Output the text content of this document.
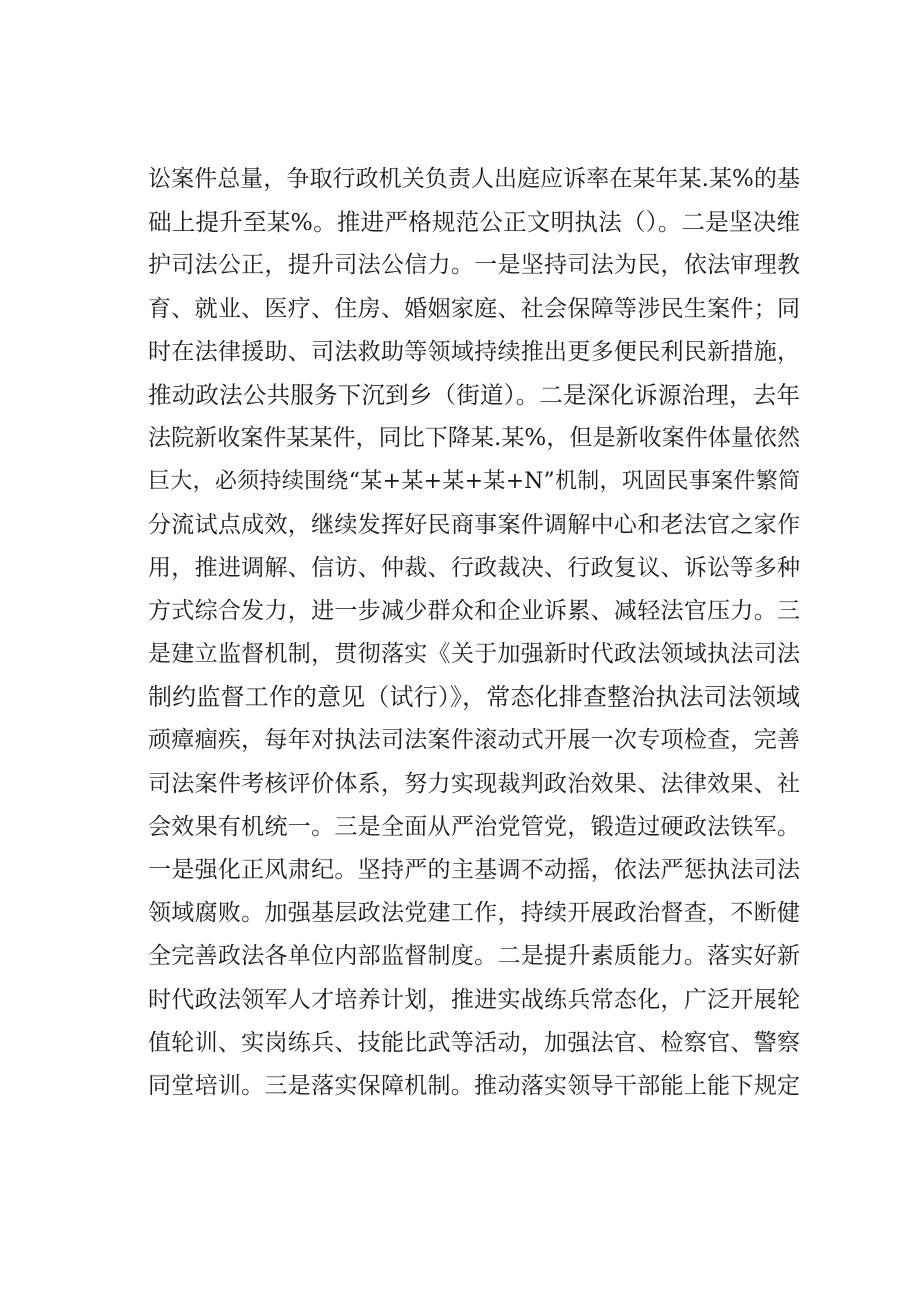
讼案件总量，争取行政机关负责人出庭应诉率在某年某.某%的基
础上提升至某%。推进严格规范公正文明执法（）。二是坚决维
护司法公正，提升司法公信力。一是坚持司法为民，依法审理教
育、就业、医疗、住房、婚姻家庭、社会保障等涉民生案件；同
时在法律援助、司法救助等领域持续推出更多便民利民新措施，
推动政法公共服务下沉到乡（街道）。二是深化诉源治理，去年
法院新收案件某某件，同比下降某.某%，但是新收案件体量依然
巨大，必须持续围绕“某+某+某+某+N”机制，巩固民事案件繁简
分流试点成效，继续发挥好民商事案件调解中心和老法官之家作
用，推进调解、信访、仲裁、行政裁决、行政复议、诉讼等多种
方式综合发力，进一步减少群众和企业诉累、减轻法官压力。三
是建立监督机制，贯彻落实《关于加强新时代政法领域执法司法
制约监督工作的意见（试行）》，常态化排查整治执法司法领域
顽瘴痼疾，每年对执法司法案件滚动式开展一次专项检查，完善
司法案件考核评价体系，努力实现裁判政治效果、法律效果、社
会效果有机统一。三是全面从严治党管党，锻造过硬政法铁军。
一是强化正风肃纪。坚持严的主基调不动摇，依法严惩执法司法
领域腐败。加强基层政法党建工作，持续开展政治督查，不断健
全完善政法各单位内部监督制度。二是提升素质能力。落实好新
时代政法领军人才培养计划，推进实战练兵常态化，广泛开展轮
值轮训、实岗练兵、技能比武等活动，加强法官、检察官、警察
同堂培训。三是落实保障机制。推动落实领导干部能上能下规定
